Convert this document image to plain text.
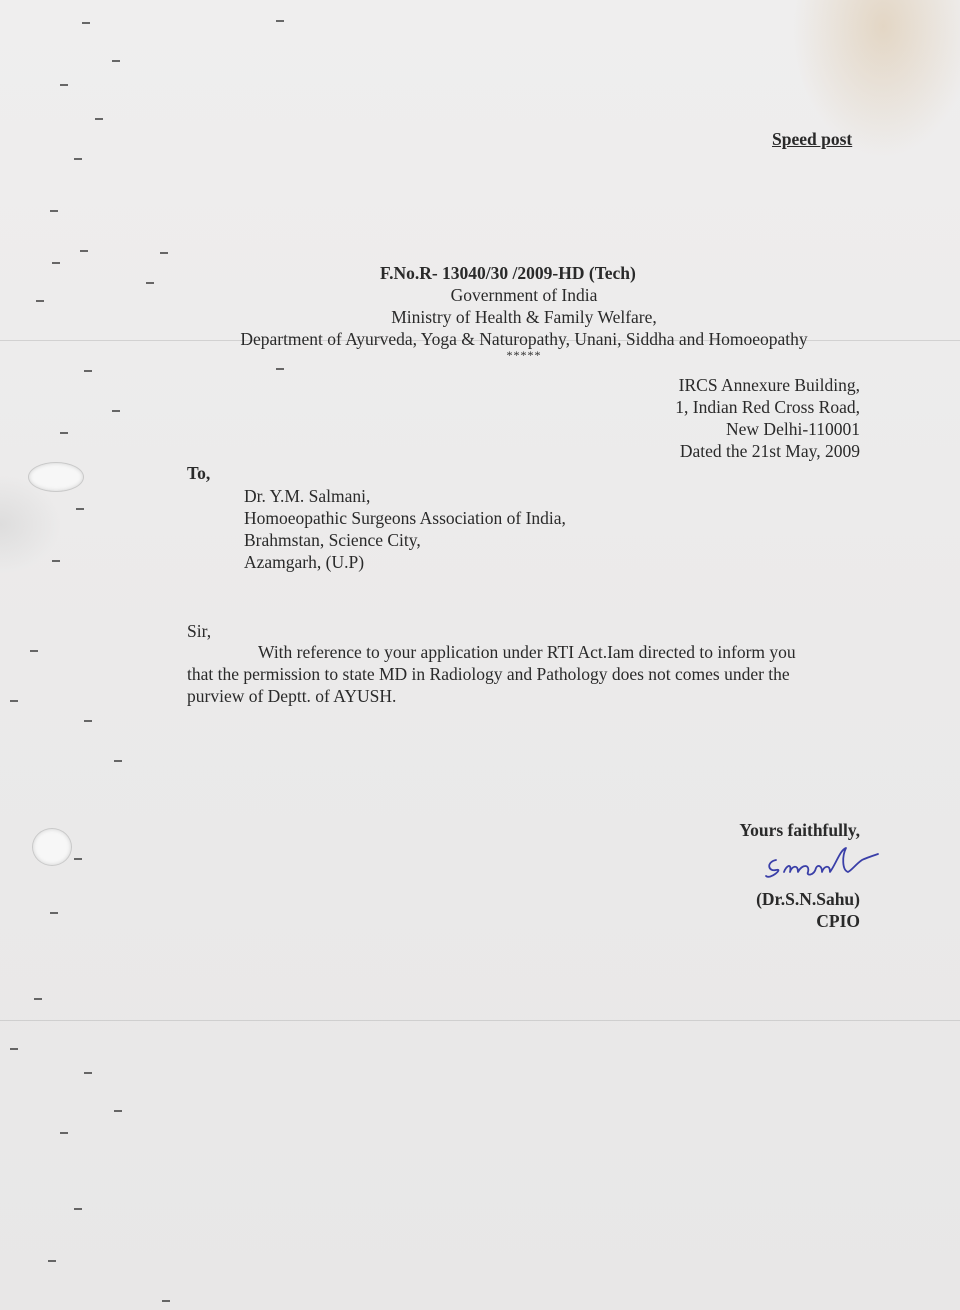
Speed post
F.No.R- 13040/30 /2009-HD (Tech)
Government of India
Ministry of Health & Family Welfare,
Department of Ayurveda, Yoga & Naturopathy, Unani, Siddha and Homoeopathy
*****
IRCS Annexure Building,
1, Indian Red Cross Road,
New Delhi-110001
Dated the 21st May, 2009
To,
Dr. Y.M. Salmani,
Homoeopathic Surgeons Association of India,
Brahmstan, Science City,
Azamgarh, (U.P)
Sir,
With reference to your application under RTI Act.Iam directed to inform you
that the permission to state MD in Radiology and Pathology does not comes under the
purview of Deptt. of AYUSH.
Yours faithfully,
(Dr.S.N.Sahu)
CPIO
